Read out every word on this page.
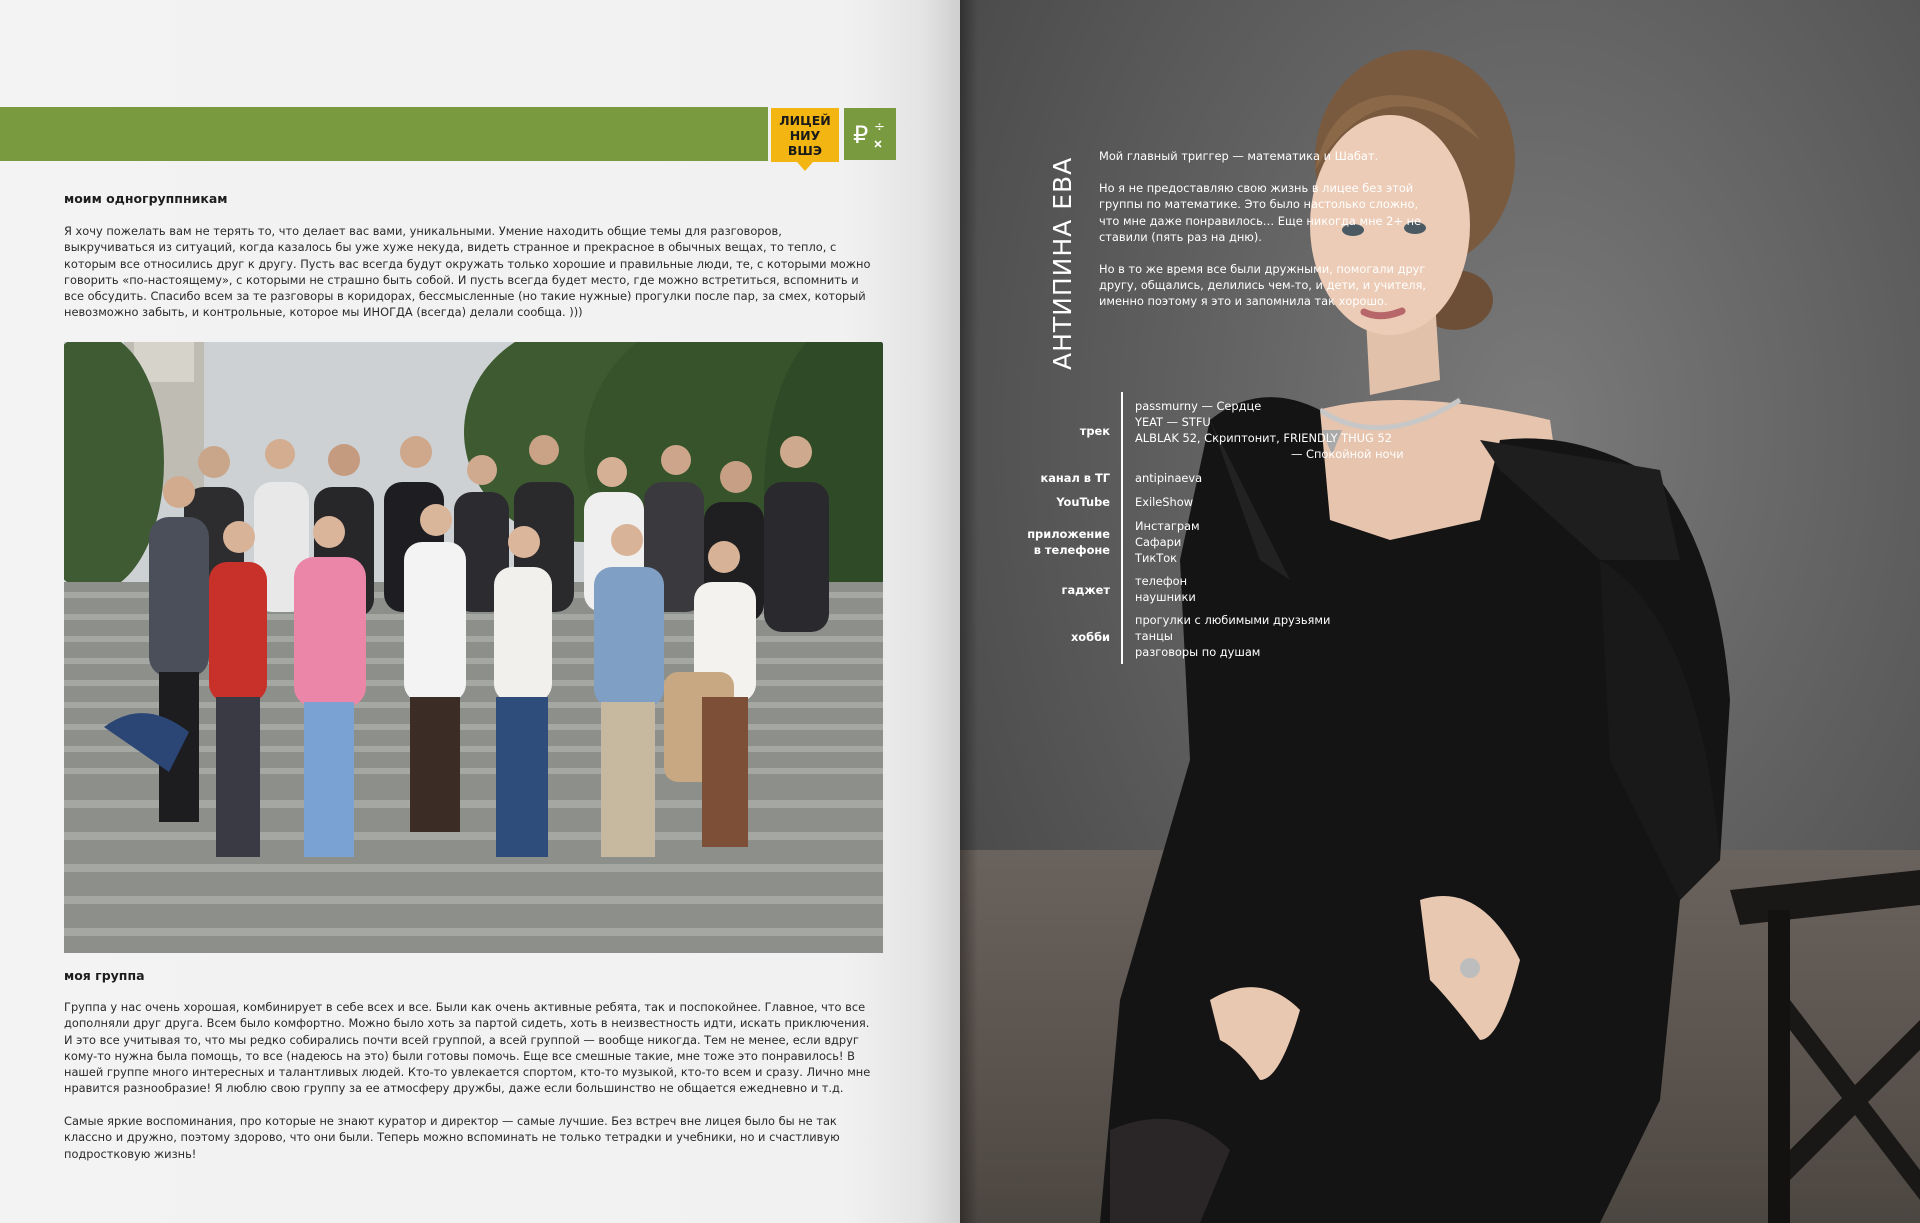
ЛИЦЕЙ
НИУ
ВШЭ
₽ ÷
моим одногруппникам
Я хочу пожелать вам не терять то, что делает вас вами, уникальными. Умение находить общие темы для разговоров, выкручиваться из ситуаций, когда казалось бы уже хуже некуда, видеть странное и прекрасное в обычных вещах, то тепло, с которым все относились друг к другу. Пусть вас всегда будут окружать только хорошие и правильные люди, те, с которыми можно говорить «по-настоящему», с которыми не страшно быть собой. И пусть всегда будет место, где можно встретиться, вспомнить и все обсудить. Спасибо всем за те разговоры в коридорах, бессмысленные (но такие нужные) прогулки после пар, за смех, который невозможно забыть, и контрольные, которое мы ИНОГДА (всегда) делали сообща. )))
моя группа
Группа у нас очень хорошая, комбинирует в себе всех и все. Были как очень активные ребята, так и поспокойнее. Главное, что все дополняли друг друга. Всем было комфортно. Можно было хоть за партой сидеть, хоть в неизвестность идти, искать приключения. И это все учитывая то, что мы редко собирались почти всей группой, а всей группой — вообще никогда. Тем не менее, если вдруг кому-то нужна была помощь, то все (надеюсь на это) были готовы помочь. Еще все смешные такие, мне тоже это понравилось! В нашей группе много интересных и талантливых людей. Кто-то увлекается спортом, кто-то музыкой, кто-то всем и сразу. Лично мне нравится разнообразие! Я люблю свою группу за ее атмосферу дружбы, даже если большинство не общается ежедневно и т.д.
Самые яркие воспоминания, про которые не знают куратор и директор — самые лучшие. Без встреч вне лицея было бы не так классно и дружно, поэтому здорово, что они были. Теперь можно вспоминать не только тетрадки и учебники, но и счастливую подростковую жизнь!
АНТИПИНА ЕВА

Мой главный триггер — математика и Шабат.

Но я не предоставляю свою жизнь в лицее без этой группы по математике. Это было настолько сложно, что мне даже понравилось… Еще никогда мне 2+ не ставили (пять раз на дню).

Но в то же время все были дружными, помогали друг другу, общались, делились чем-то, и дети, и учителя, именно поэтому я это и запомнила так хорошо.

трек
passmurny — Сердце
YEAT — STFU
ALBLAK 52, Скриптонит, FRIENDLY THUG 52
— Спокойной ночи
канал в ТГ antipinaeva
YouTube ExileShow
приложение
в телефоне
Инстаграм
Сафари
ТикТок
гаджет
телефон
наушники
хобби
прогулки с любимыми друзьями
танцы
разговоры по душам
